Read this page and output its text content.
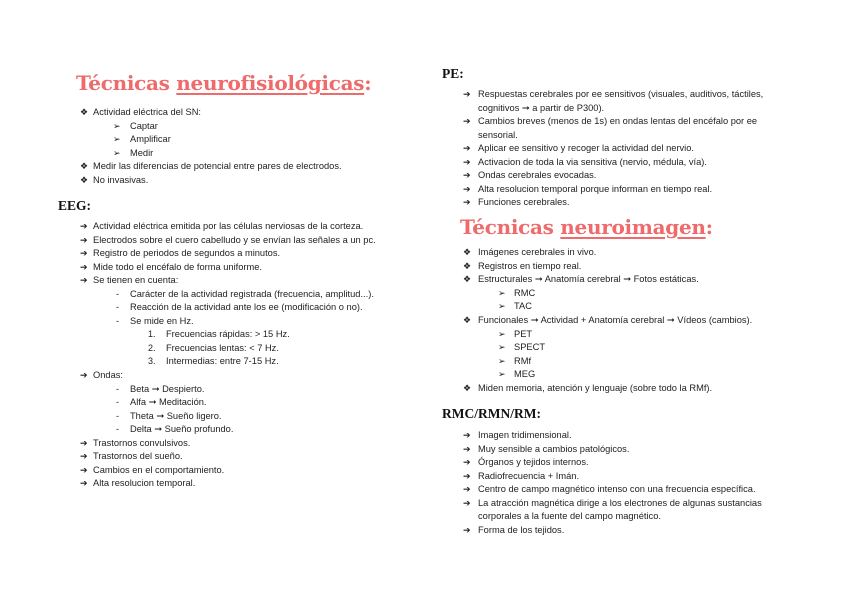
Técnicas neurofisiológicas:
EEG:
PE:
Técnicas neuroimagen:
RMC/RMN/RM:
❖ Actividad eléctrica del SN:
➢ Captar
➢ Amplificar
➢ Medir
❖ Medir las diferencias de potencial entre pares de electrodos.
❖ No invasivas.
➔ Actividad eléctrica emitida por las células nerviosas de la corteza.
➔ Electrodos sobre el cuero cabelludo y se envían las señales a un pc.
➔ Registro de periodos de segundos a minutos.
➔ Mide todo el encéfalo de forma uniforme.
➔ Se tienen en cuenta:
- Carácter de la actividad registrada (frecuencia, amplitud...).
- Reacción de la actividad ante los ee (modificación o no).
- Se mide en Hz.
1. Frecuencias rápidas: > 15 Hz.
2. Frecuencias lentas: < 7 Hz.
3. Intermedias: entre 7-15 Hz.
➔ Ondas:
- Beta ➞ Despierto.
- Alfa ➞ Meditación.
- Theta ➞ Sueño ligero.
- Delta ➞ Sueño profundo.
➔ Trastornos convulsivos.
➔ Trastornos del sueño.
➔ Cambios en el comportamiento.
➔ Alta resolucion temporal.
➔ Respuestas cerebrales por ee sensitivos (visuales, auditivos, táctiles,
cognitivos ➞ a partir de P300).
➔ Cambios breves (menos de 1s) en ondas lentas del encéfalo por ee
sensorial.
➔ Aplicar ee sensitivo y recoger la actividad del nervio.
➔ Activacion de toda la via sensitiva (nervio, médula, vía).
➔ Ondas cerebrales evocadas.
➔ Alta resolucion temporal porque informan en tiempo real.
➔ Funciones cerebrales.
❖ Imágenes cerebrales in vivo.
❖ Registros en tiempo real.
❖ Estructurales ➞ Anatomía cerebral ➞ Fotos estáticas.
➢ RMC
➢ TAC
❖ Funcionales ➞ Actividad + Anatomía cerebral ➞ Vídeos (cambios).
➢ PET
➢ SPECT
➢ RMf
➢ MEG
❖ Miden memoria, atención y lenguaje (sobre todo la RMf).
➔ Imagen tridimensional.
➔ Muy sensible a cambios patológicos.
➔ Órganos y tejidos internos.
➔ Radiofrecuencia + Imán.
➔ Centro de campo magnético intenso con una frecuencia específica.
➔ La atracción magnética dirige a los electrones de algunas sustancias
corporales a la fuente del campo magnético.
➔ Forma de los tejidos.
